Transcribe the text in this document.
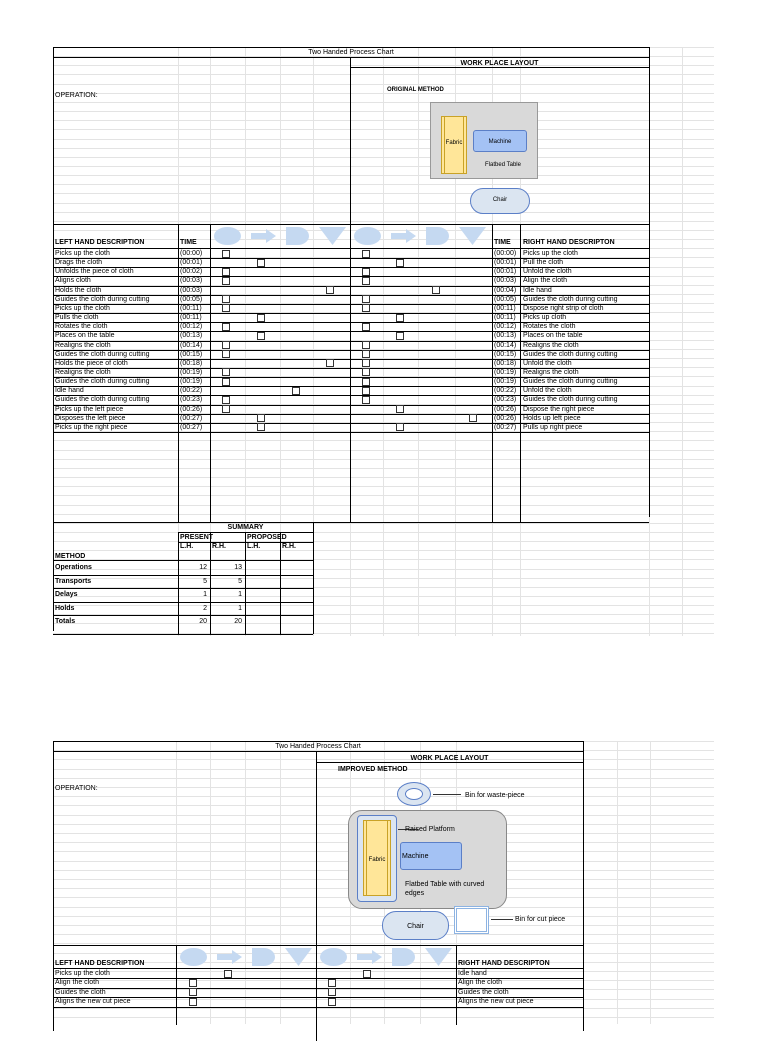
Two Handed Process Chart
WORK PLACE LAYOUT
OPERATION:
ORIGINAL METHOD
Fabric	Machine
Flatbed Table
Chair
LEFT HAND DESCRIPTION	TIME	TIME	RIGHT HAND DESCRIPTON
Picks up the cloth	(00:00)	(00:00) Picks up the cloth
Drags the cloth	(00:01)	(00:01) Pull the cloth
Unfolds the piece of cloth	(00:02)	(00:01) Unfold the cloth
Aligns cloth	(00:03)	(00:03) Align the cloth
Holds the cloth	(00:03)	(00:04) Idle hand
Guides the cloth during cutting	(00:05)	(00:05) Guides the cloth during cutting
Picks up the cloth	(00:11)	(00:11)	Dispose right strip of cloth
Pulls the cloth	(00:11)	(00:11)	Picks up cloth
Rotates the cloth	(00:12)	(00:12) Rotates the cloth
Places on the table	(00:13)	(00:13) Places on the table
Realigns the cloth	(00:14)	(00:14) Realigns the cloth
Guides the cloth during cutting	(00:15)	(00:15) Guides the cloth during cutting
Holds the piece of cloth	(00:18)	(00:18) Unfold the cloth
Realigns the cloth	(00:19)	(00:19) Realigns the cloth
Guides the cloth during cutting	(00:19)	(00:19) Guides the cloth during cutting
Idle hand	(00:22)	(00:22) Unfold the cloth
Guides the cloth during cutting	(00:23)	(00:23) Guides the cloth during cutting
Picks up the left piece	(00:26)	(00:26) Dispose the right piece
Disposes the left piece	(00:27)	(00:26) Holds up left piece
Picks up the right piece	(00:27)	(00:27) Pulls up right piece
SUMMARY
PRESENT	PROPOSED
L.H.	R.H.	L.H.	R.H.
METHOD
Operations	12	13
Transports	5	5
Delays	1	1
Holds	2	1
Totals	20	20
Two Handed Process Chart
WORK PLACE LAYOUT
IMPROVED METHOD
OPERATION:
Bin for waste-piece
Fabric
Raised Platform
Machine
Flatbed Table with curved edges
Chair
Bin for cut piece
LEFT HAND DESCRIPTION	RIGHT HAND DESCRIPTON
Picks up the cloth	Idle hand
Align the cloth	Align the cloth
Guides the cloth	Guides the cloth
Aligns the new cut piece	Aligns the new cut piece
